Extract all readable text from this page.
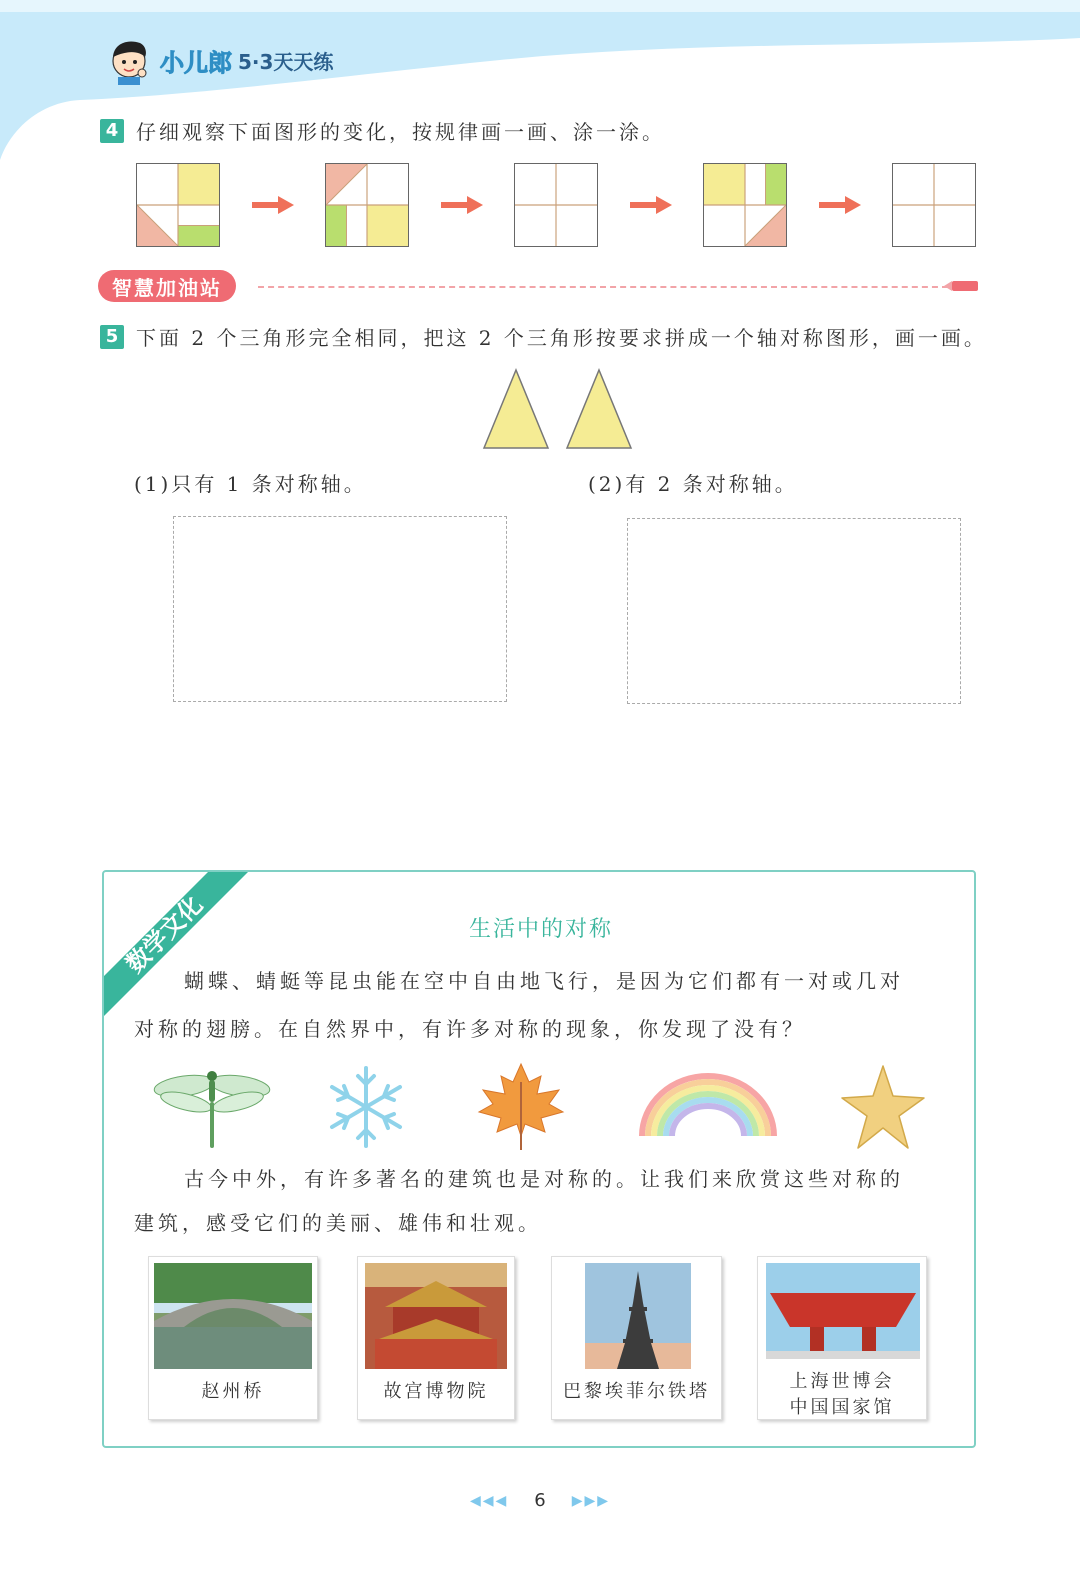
小儿郎 5·3天天练
4 仔细观察下面图形的变化，按规律画一画、涂一涂。
智慧加油站
5 下面 2 个三角形完全相同，把这 2 个三角形按要求拼成一个轴对称图形，画一画。
(1)只有 1 条对称轴。	(2)有 2 条对称轴。
数学文化	生活中的对称
蝴蝶、蜻蜓等昆虫能在空中自由地飞行，是因为它们都有一对或几对
对称的翅膀。在自然界中，有许多对称的现象，你发现了没有？
古今中外，有许多著名的建筑也是对称的。让我们来欣赏这些对称的
建筑，感受它们的美丽、雄伟和壮观。
赵州桥	故宫博物院	巴黎埃菲尔铁塔	上海世博会
中国国家馆
◀◀◀ 6 ▶▶▶
